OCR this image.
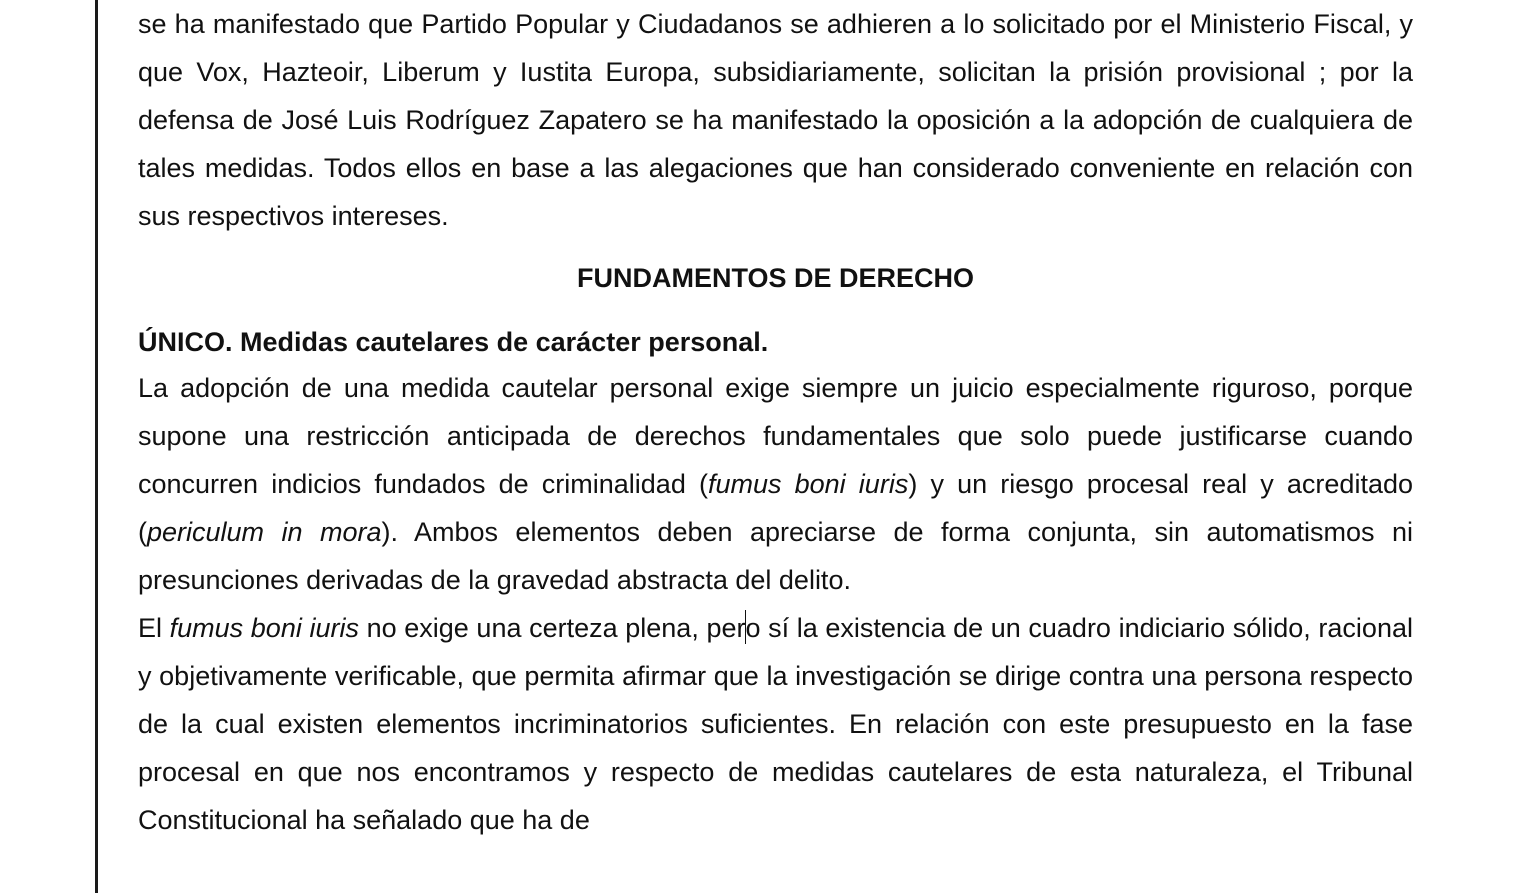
se ha manifestado que Partido Popular y Ciudadanos se adhieren a lo solicitado por el Ministerio Fiscal, y que Vox, Hazteoir, Liberum y Iustita Europa, subsidiariamente, solicitan la prisión provisional ; por la defensa de José Luis Rodríguez Zapatero se ha manifestado la oposición a la adopción de cualquiera de tales medidas. Todos ellos en base a las alegaciones que han considerado conveniente en relación con sus respectivos intereses.

FUNDAMENTOS DE DERECHO

ÚNICO. Medidas cautelares de carácter personal.

La adopción de una medida cautelar personal exige siempre un juicio especialmente riguroso, porque supone una restricción anticipada de derechos fundamentales que solo puede justificarse cuando concurren indicios fundados de criminalidad (fumus boni iuris) y un riesgo procesal real y acreditado (periculum in mora). Ambos elementos deben apreciarse de forma conjunta, sin automatismos ni presunciones derivadas de la gravedad abstracta del delito.

El fumus boni iuris no exige una certeza plena, pero sí la existencia de un cuadro indiciario sólido, racional y objetivamente verificable, que permita afirmar que la investigación se dirige contra una persona respecto de la cual existen elementos incriminatorios suficientes. En relación con este presupuesto en la fase procesal en que nos encontramos y respecto de medidas cautelares de esta naturaleza, el Tribunal Constitucional ha señalado que ha de
